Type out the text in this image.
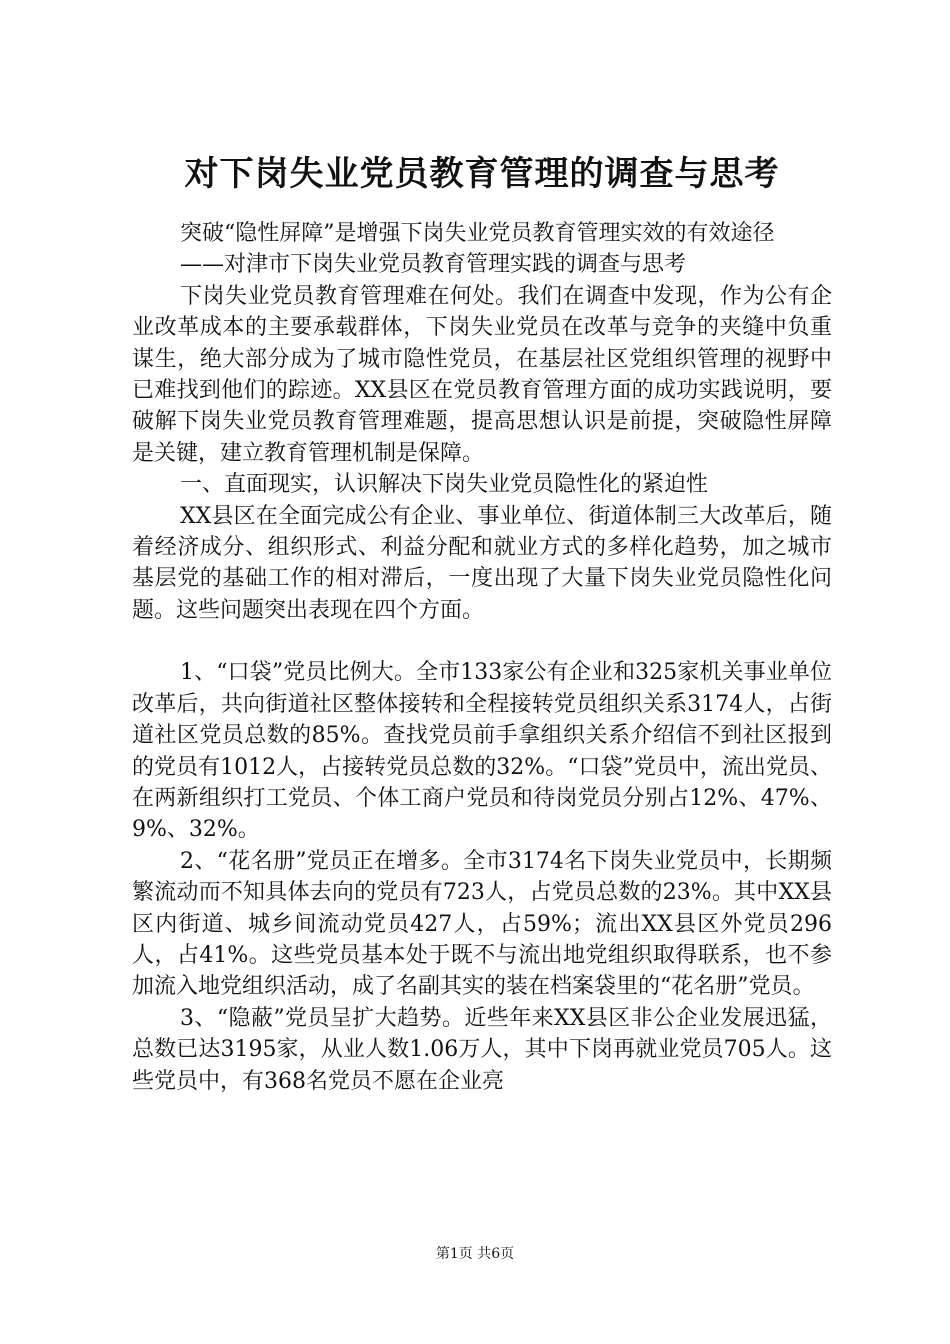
对下岗失业党员教育管理的调查与思考

突破“隐性屏障”是增强下岗失业党员教育管理实效的有效途径

——对津市下岗失业党员教育管理实践的调查与思考

下岗失业党员教育管理难在何处。我们在调查中发现，作为公有企业改革成本的主要承载群体，下岗失业党员在改革与竞争的夹缝中负重谋生，绝大部分成为了城市隐性党员，在基层社区党组织管理的视野中已难找到他们的踪迹。XX县区在党员教育管理方面的成功实践说明，要破解下岗失业党员教育管理难题，提高思想认识是前提，突破隐性屏障是关键，建立教育管理机制是保障。

一、直面现实，认识解决下岗失业党员隐性化的紧迫性

XX县区在全面完成公有企业、事业单位、街道体制三大改革后，随着经济成分、组织形式、利益分配和就业方式的多样化趋势，加之城市基层党的基础工作的相对滞后，一度出现了大量下岗失业党员隐性化问题。这些问题突出表现在四个方面。

1、“口袋”党员比例大。全市133家公有企业和325家机关事业单位改革后，共向街道社区整体接转和全程接转党员组织关系3174人，占街道社区党员总数的85%。查找党员前手拿组织关系介绍信不到社区报到的党员有1012人，占接转党员总数的32%。“口袋”党员中，流出党员、在两新组织打工党员、个体工商户党员和待岗党员分别占12%、47%、9%、32%。

2、“花名册”党员正在增多。全市3174名下岗失业党员中，长期频繁流动而不知具体去向的党员有723人，占党员总数的23%。其中XX县区内街道、城乡间流动党员427人，占59%；流出XX县区外党员296人，占41%。这些党员基本处于既不与流出地党组织取得联系，也不参加流入地党组织活动，成了名副其实的装在档案袋里的“花名册”党员。

3、“隐蔽”党员呈扩大趋势。近些年来XX县区非公企业发展迅猛，总数已达3195家，从业人数1.06万人，其中下岗再就业党员705人。这些党员中，有368名党员不愿在企业亮

第1页 共6页
